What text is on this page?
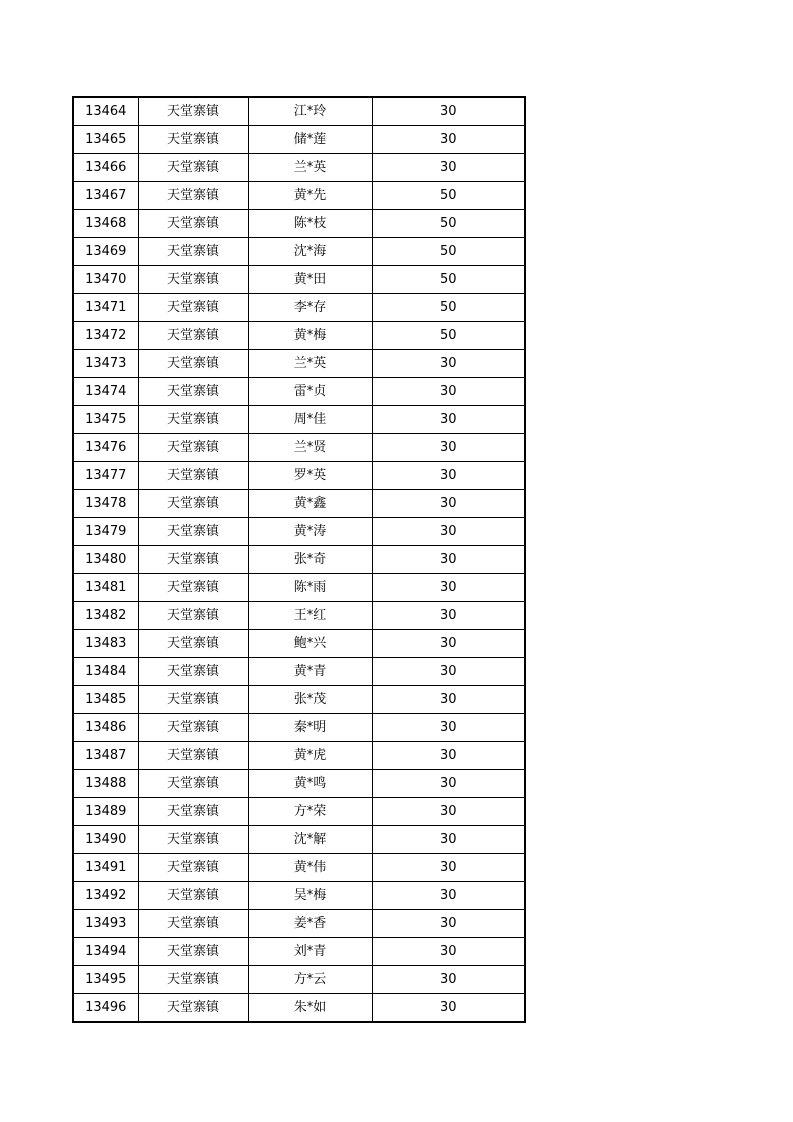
13464	天堂寨镇	江*玲	30
13465	天堂寨镇	储*莲	30
13466	天堂寨镇	兰*英	30
13467	天堂寨镇	黄*先	50
13468	天堂寨镇	陈*枝	50
13469	天堂寨镇	沈*海	50
13470	天堂寨镇	黄*田	50
13471	天堂寨镇	李*存	50
13472	天堂寨镇	黄*梅	50
13473	天堂寨镇	兰*英	30
13474	天堂寨镇	雷*贞	30
13475	天堂寨镇	周*佳	30
13476	天堂寨镇	兰*贤	30
13477	天堂寨镇	罗*英	30
13478	天堂寨镇	黄*鑫	30
13479	天堂寨镇	黄*涛	30
13480	天堂寨镇	张*奇	30
13481	天堂寨镇	陈*雨	30
13482	天堂寨镇	王*红	30
13483	天堂寨镇	鲍*兴	30
13484	天堂寨镇	黄*青	30
13485	天堂寨镇	张*茂	30
13486	天堂寨镇	秦*明	30
13487	天堂寨镇	黄*虎	30
13488	天堂寨镇	黄*鸣	30
13489	天堂寨镇	方*荣	30
13490	天堂寨镇	沈*解	30
13491	天堂寨镇	黄*伟	30
13492	天堂寨镇	吴*梅	30
13493	天堂寨镇	姜*香	30
13494	天堂寨镇	刘*青	30
13495	天堂寨镇	方*云	30
13496	天堂寨镇	朱*如	30
